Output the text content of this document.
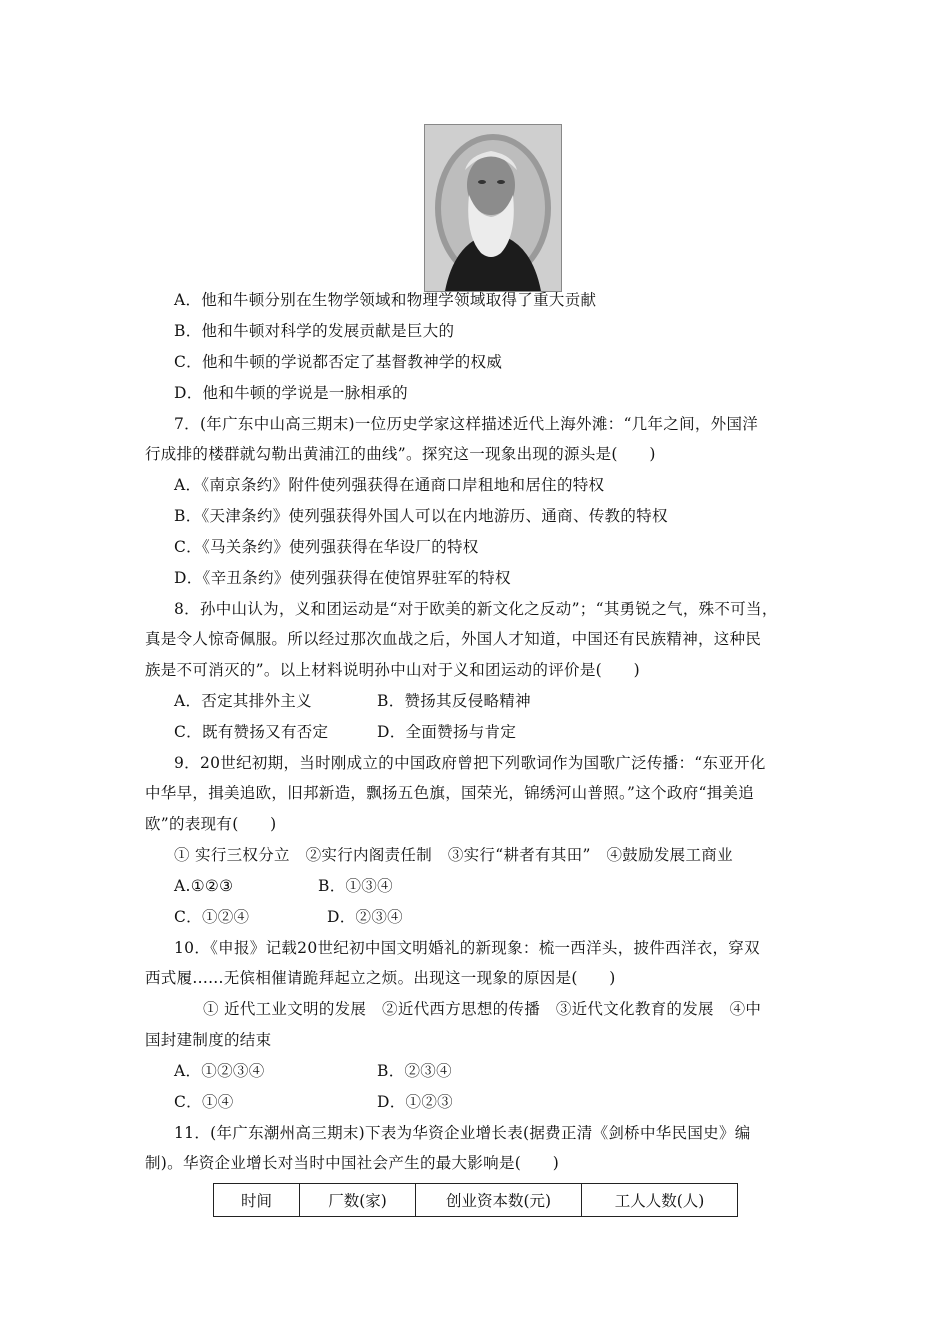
A．他和牛顿分别在生物学领域和物理学领域取得了重大贡献
B．他和牛顿对科学的发展贡献是巨大的
C．他和牛顿的学说都否定了基督教神学的权威
D．他和牛顿的学说是一脉相承的
7．(年广东中山高三期末)一位历史学家这样描述近代上海外滩：“几年之间，外国洋
行成排的楼群就勾勒出黄浦江的曲线”。探究这一现象出现的源头是(　　)
A．《南京条约》附件使列强获得在通商口岸租地和居住的特权
B．《天津条约》使列强获得外国人可以在内地游历、通商、传教的特权
C．《马关条约》使列强获得在华设厂的特权
D．《辛丑条约》使列强获得在使馆界驻军的特权
8．孙中山认为，义和团运动是“对于欧美的新文化之反动”；“其勇锐之气，殊不可当，
真是令人惊奇佩服。所以经过那次血战之后，外国人才知道，中国还有民族精神，这种民
族是不可消灭的”。以上材料说明孙中山对于义和团运动的评价是(　　)
A．否定其排外主义	B．赞扬其反侵略精神
C．既有赞扬又有否定	D．全面赞扬与肯定
9．20世纪初期，当时刚成立的中国政府曾把下列歌词作为国歌广泛传播：“东亚开化
中华早，揖美追欧，旧邦新造，飘扬五色旗，国荣光，锦绣河山普照。”这个政府“揖美追
欧”的表现有(　　)
① 实行三权分立　②实行内阁责任制　③实行“耕者有其田”　④鼓励发展工商业
A.①②③	B．①③④
C．①②④	D．②③④
10．《申报》记载20世纪初中国文明婚礼的新现象：梳一西洋头，披件西洋衣，穿双
西式履......无傧相催请跪拜起立之烦。出现这一现象的原因是(　　)
① 近代工业文明的发展　②近代西方思想的传播　③近代文化教育的发展　④中
国封建制度的结束
A．①②③④	B．②③④
C．①④	D．①②③
11．(年广东潮州高三期末)下表为华资企业增长表(据费正清《剑桥中华民国史》编
制)。华资企业增长对当时中国社会产生的最大影响是(　　)
时间	厂数(家)	创业资本数(元)	工人人数(人)
